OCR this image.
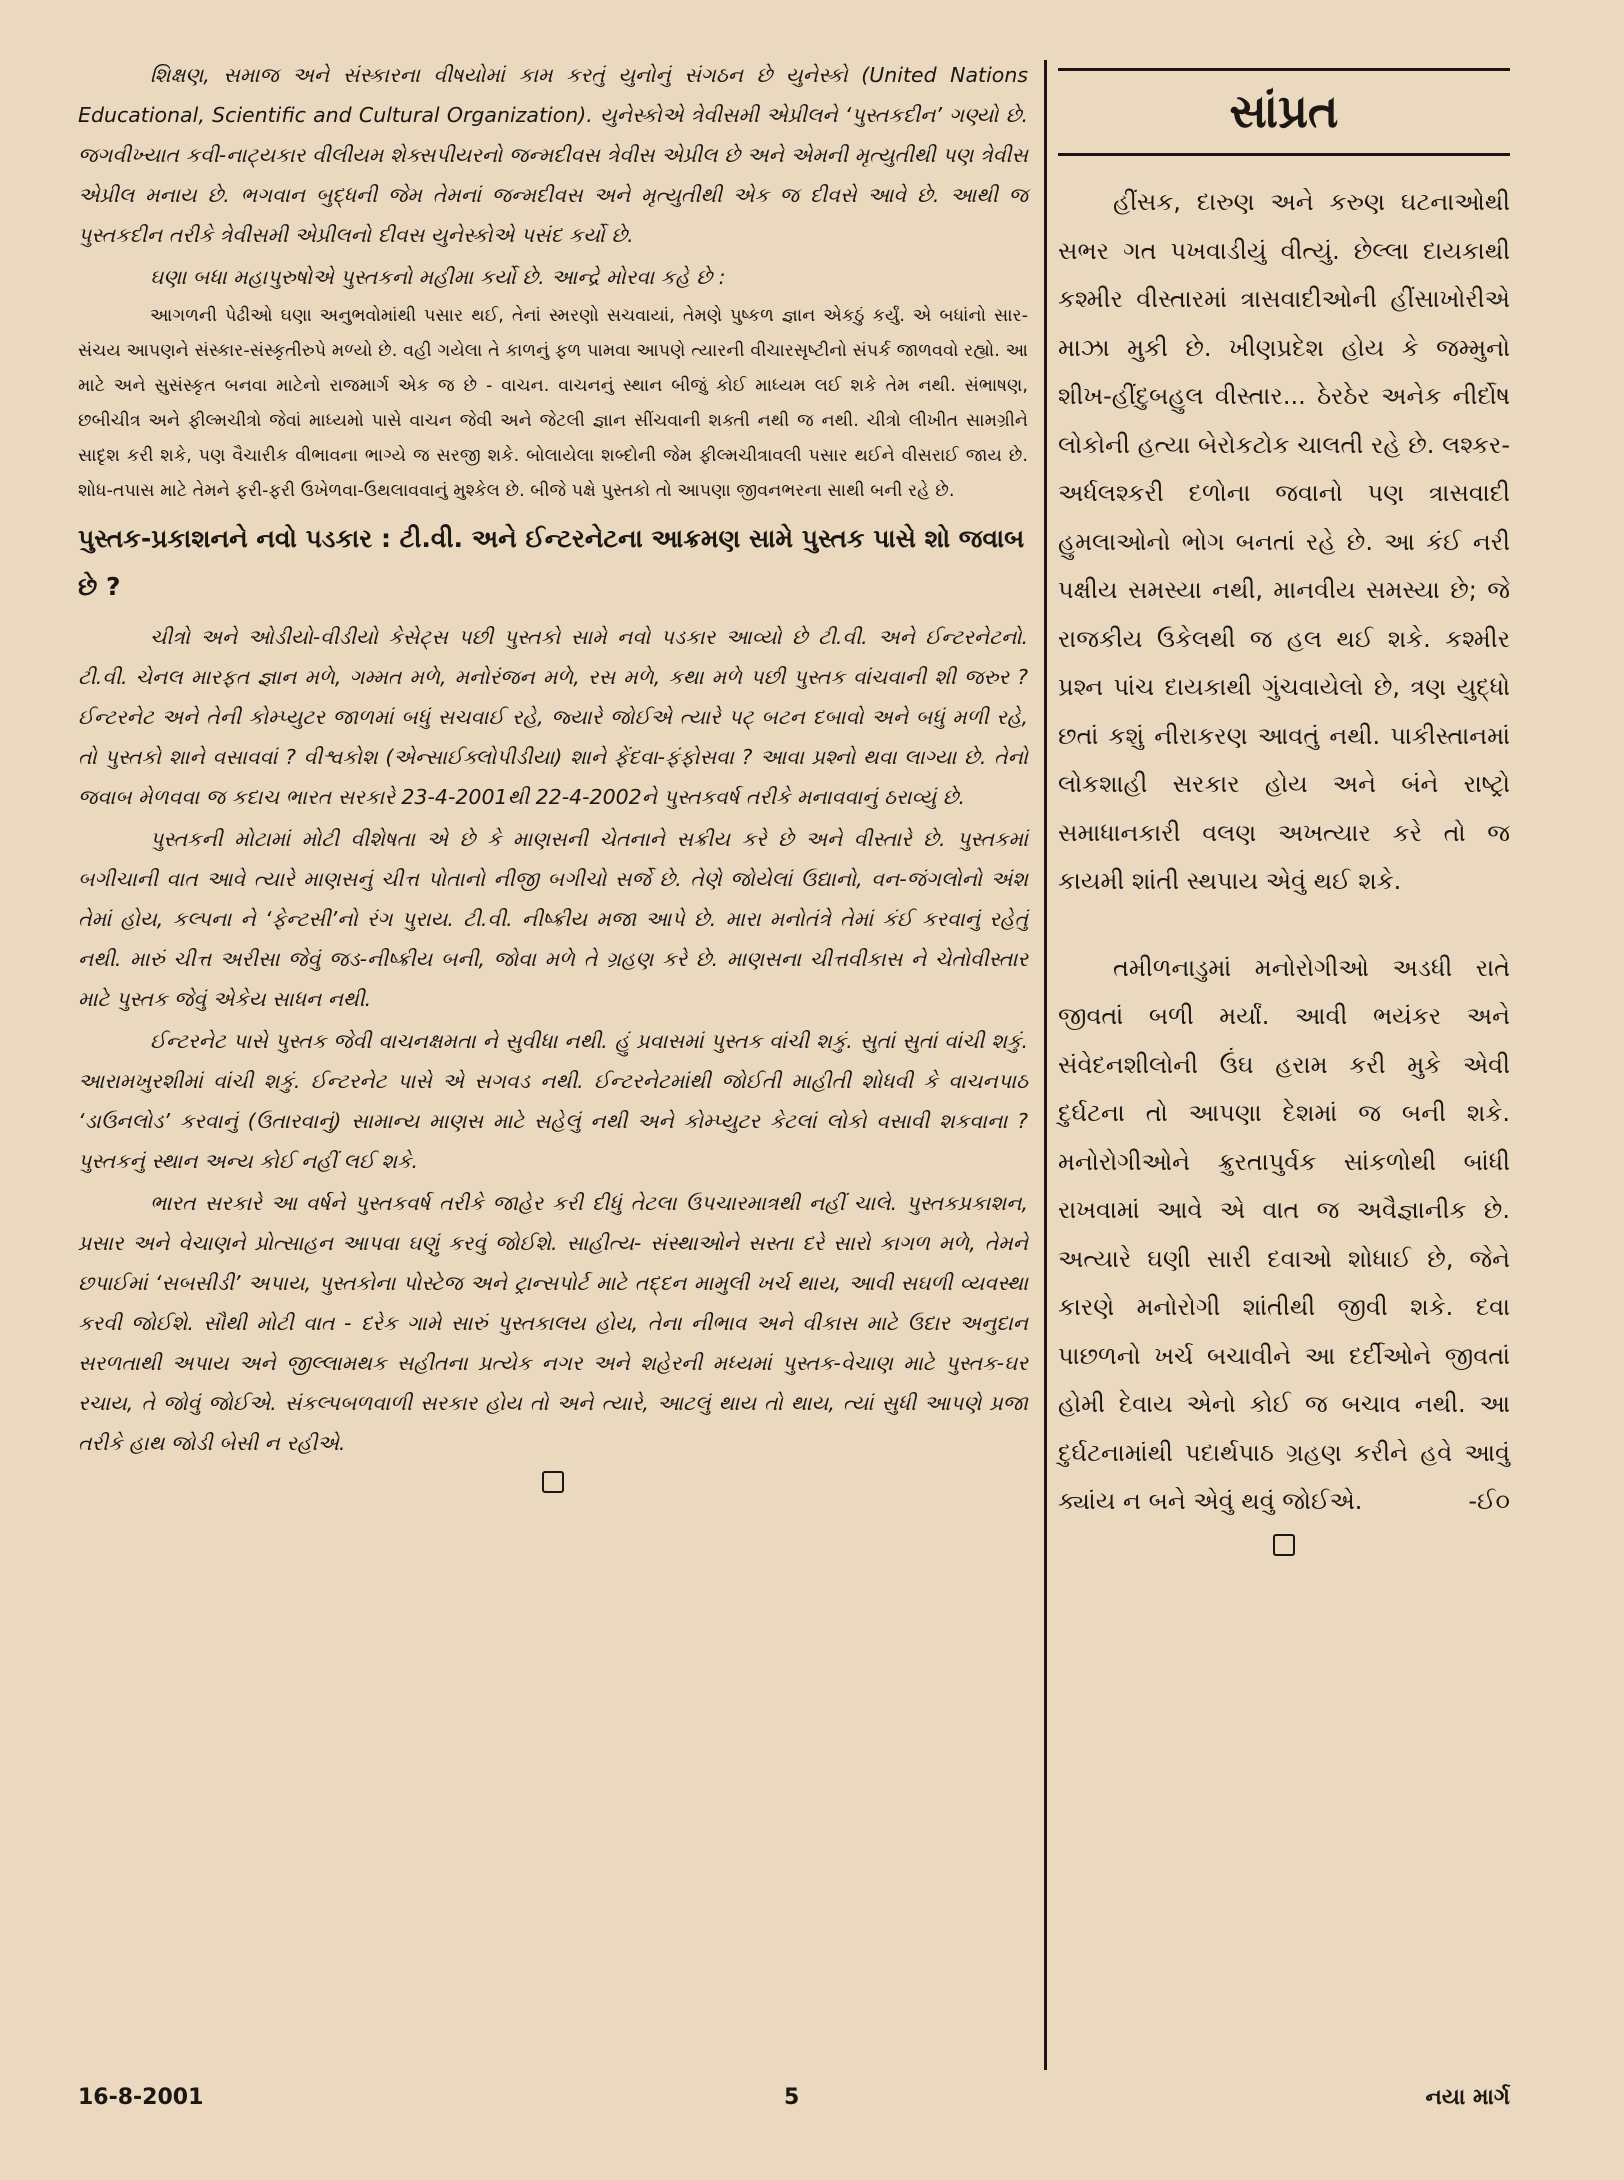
શિક્ષણ, સમાજ અને સંસ્કારના વીષયોમાં કામ કરતું યુનોનું સંગઠન છે યુનેસ્કો (United Nations Educational, Scientific and Cultural Organization). યુનેસ્કોએ ત્રેવીસમી એપ્રીલને ‘પુસ્તકદીન’ ગણ્યો છે. જગવીખ્યાત કવી-નાટ્યકાર વીલીયમ શેક્સપીયરનો જન્મદીવસ ત્રેવીસ એપ્રીલ છે અને એમની મૃત્યુતીથી પણ ત્રેવીસ એપ્રીલ મનાય છે. ભગવાન બુદ્ધની જેમ તેમનાં જન્મદીવસ અને મૃત્યુતીથી એક જ દીવસે આવે છે. આથી જ પુસ્તકદીન તરીકે ત્રેવીસમી એપ્રીલનો દીવસ યુનેસ્કોએ પસંદ કર્યો છે.

ઘણા બધા મહાપુરુષોએ પુસ્તકનો મહીમા કર્યો છે. આન્દ્રે મોરવા કહે છે :

આગળની પેઢીઓ ઘણા અનુભવોમાંથી પસાર થઈ, તેનાં સ્મરણો સચવાયાં, તેમણે પુષ્કળ જ્ઞાન એકઠું કર્યું. એ બધાંનો સાર-સંચય આપણને સંસ્કાર-સંસ્કૃતીરુપે મળ્યો છે. વહી ગયેલા તે કાળનું ફળ પામવા આપણે ત્યારની વીચારસૃષ્ટીનો સંપર્ક જાળવવો રહ્યો. આ માટે અને સુસંસ્કૃત બનવા માટેનો રાજમાર્ગ એક જ છે - વાચન. વાચનનું સ્થાન બીજું કોઈ માધ્યમ લઈ શકે તેમ નથી. સંભાષણ, છબીચીત્ર અને ફીલ્મચીત્રો જેવાં માધ્યમો પાસે વાચન જેવી અને જેટલી જ્ઞાન સીંચવાની શક્તી નથી જ નથી. ચીત્રો લીખીત સામગ્રીને સાદૃશ કરી શકે, પણ વૈચારીક વીભાવના ભાગ્યે જ સરજી શકે. બોલાયેલા શબ્દોની જેમ ફીલ્મચીત્રાવલી પસાર થઈને વીસરાઈ જાય છે. શોધ-તપાસ માટે તેમને ફરી-ફરી ઉખેળવા-ઉથલાવવાનું મુશ્કેલ છે. બીજે પક્ષે પુસ્તકો તો આપણા જીવનભરના સાથી બની રહે છે.

પુસ્તક-પ્રકાશનને નવો પડકાર : ટી.વી. અને ઈન્ટરનેટના આક્રમણ સામે પુસ્તક પાસે શો જવાબ છે ?

ચીત્રો અને ઓડીયો-વીડીયો કેસેટ્સ પછી પુસ્તકો સામે નવો પડકાર આવ્યો છે ટી.વી. અને ઈન્ટરનેટનો. ટી.વી. ચેનલ મારફત જ્ઞાન મળે, ગમ્મત મળે, મનોરંજન મળે, રસ મળે, કથા મળે પછી પુસ્તક વાંચવાની શી જરુર ? ઈન્ટરનેટ અને તેની કોમ્પ્યુટર જાળમાં બધું સચવાઈ રહે, જ્યારે જોઈએ ત્યારે પટ્ બટન દબાવો અને બધું મળી રહે, તો પુસ્તકો શાને વસાવવાં ? વીશ્વકોશ (એન્સાઈક્લોપીડીયા) શાને ફેંદવા-ફંફોસવા ? આવા પ્રશ્નો થવા લાગ્યા છે. તેનો જવાબ મેળવવા જ કદાચ ભારત સરકારે 23-4-2001થી 22-4-2002ને પુસ્તકવર્ષ તરીકે મનાવવાનું ઠરાવ્યું છે.

પુસ્તકની મોટામાં મોટી વીશેષતા એ છે કે માણસની ચેતનાને સક્રીય કરે છે અને વીસ્તારે છે. પુસ્તકમાં બગીચાની વાત આવે ત્યારે માણસનું ચીત્ત પોતાનો નીજી બગીચો સર્જે છે. તેણે જોયેલાં ઉદ્યાનો, વન-જંગલોનો અંશ તેમાં હોય, કલ્પના ને ‘ફેન્ટસી’નો રંગ પુરાય. ટી.વી. નીષ્ક્રીય મજા આપે છે. મારા મનોતંત્રે તેમાં કંઈ કરવાનું રહેતું નથી. મારું ચીત્ત અરીસા જેવું જડ-નીષ્ક્રીય બની, જોવા મળે તે ગ્રહણ કરે છે. માણસના ચીત્તવીકાસ ને ચેતોવીસ્તાર માટે પુસ્તક જેવું એકેય સાધન નથી.

ઈન્ટરનેટ પાસે પુસ્તક જેવી વાચનક્ષમતા ને સુવીધા નથી. હું પ્રવાસમાં પુસ્તક વાંચી શકું. સુતાં સુતાં વાંચી શકું. આરામખુરશીમાં વાંચી શકું. ઈન્ટરનેટ પાસે એ સગવડ નથી. ઈન્ટરનેટમાંથી જોઈતી માહીતી શોધવી કે વાચનપાઠ ‘ડાઉનલોડ’ કરવાનું (ઉતારવાનું) સામાન્ય માણસ માટે સહેલું નથી અને કોમ્પ્યુટર કેટલાં લોકો વસાવી શકવાના ? પુસ્તકનું સ્થાન અન્ય કોઈ નહીં લઈ શકે.

ભારત સરકારે આ વર્ષને પુસ્તકવર્ષ તરીકે જાહેર કરી દીધું તેટલા ઉપચારમાત્રથી નહીં ચાલે. પુસ્તકપ્રકાશન, પ્રસાર અને વેચાણને પ્રોત્સાહન આપવા ઘણું કરવું જોઈશે. સાહીત્ય- સંસ્થાઓને સસ્તા દરે સારો કાગળ મળે, તેમને છપાઈમાં ‘સબસીડી’ અપાય, પુસ્તકોના પોસ્ટેજ અને ટ્રાન્સપોર્ટ માટે તદ્દન મામુલી ખર્ચ થાય, આવી સઘળી વ્યવસ્થા કરવી જોઈશે. સૌથી મોટી વાત - દરેક ગામે સારું પુસ્તકાલય હોય, તેના નીભાવ અને વીકાસ માટે ઉદાર અનુદાન સરળતાથી અપાય અને જીલ્લામથક સહીતના પ્રત્યેક નગર અને શહેરની મધ્યમાં પુસ્તક-વેચાણ માટે પુસ્તક-ઘર રચાય, તે જોવું જોઈએ. સંકલ્પબળવાળી સરકાર હોય તો અને ત્યારે, આટલું થાય તો થાય, ત્યાં સુધી આપણે પ્રજા તરીકે હાથ જોડી બેસી ન રહીએ.

સાંપ્રત

હીંસક, દારુણ અને કરુણ ઘટનાઓથી સભર ગત પખવાડીયું વીત્યું. છેલ્લા દાયકાથી કશ્મીર વીસ્તારમાં ત્રાસવાદીઓની હીંસાખોરીએ માઝા મુકી છે. ખીણપ્રદેશ હોય કે જમ્મુનો શીખ-હીંદુબહુલ વીસ્તાર... ઠેરઠેર અનેક નીર્દોષ લોકોની હત્યા બેરોકટોક ચાલતી રહે છે. લશ્કર-અર્ધલશ્કરી દળોના જવાનો પણ ત્રાસવાદી હુમલાઓનો ભોગ બનતાં રહે છે. આ કંઈ નરી પક્ષીય સમસ્યા નથી, માનવીય સમસ્યા છે; જે રાજકીય ઉકેલથી જ હલ થઈ શકે. કશ્મીર પ્રશ્ન પાંચ દાયકાથી ગુંચવાયેલો છે, ત્રણ યુદ્ધો છતાં કશું નીરાકરણ આવતું નથી. પાકીસ્તાનમાં લોકશાહી સરકાર હોય અને બંને રાષ્ટ્રો સમાધાનકારી વલણ અખત્યાર કરે તો જ કાયમી શાંતી સ્થપાય એવું થઈ શકે.

તમીળનાડુમાં મનોરોગીઓ અડધી રાતે જીવતાં બળી મર્યાં. આવી ભયંકર અને સંવેદનશીલોની ઉંઘ હરામ કરી મુકે એવી દુર્ઘટના તો આપણા દેશમાં જ બની શકે. મનોરોગીઓને ક્રુરતાપુર્વક સાંકળોથી બાંધી રાખવામાં આવે એ વાત જ અવૈજ્ઞાનીક છે. અત્યારે ઘણી સારી દવાઓ શોધાઈ છે, જેને કારણે મનોરોગી શાંતીથી જીવી શકે. દવા પાછળનો ખર્ચ બચાવીને આ દર્દીઓને જીવતાં હોમી દેવાય એનો કોઈ જ બચાવ નથી. આ દુર્ઘટનામાંથી પદાર્થપાઠ ગ્રહણ કરીને હવે આવું ક્યાંય ન બને એવું થવું જોઈએ.	-ઈ૦

16-8-2001	5	નયા માર્ગ
